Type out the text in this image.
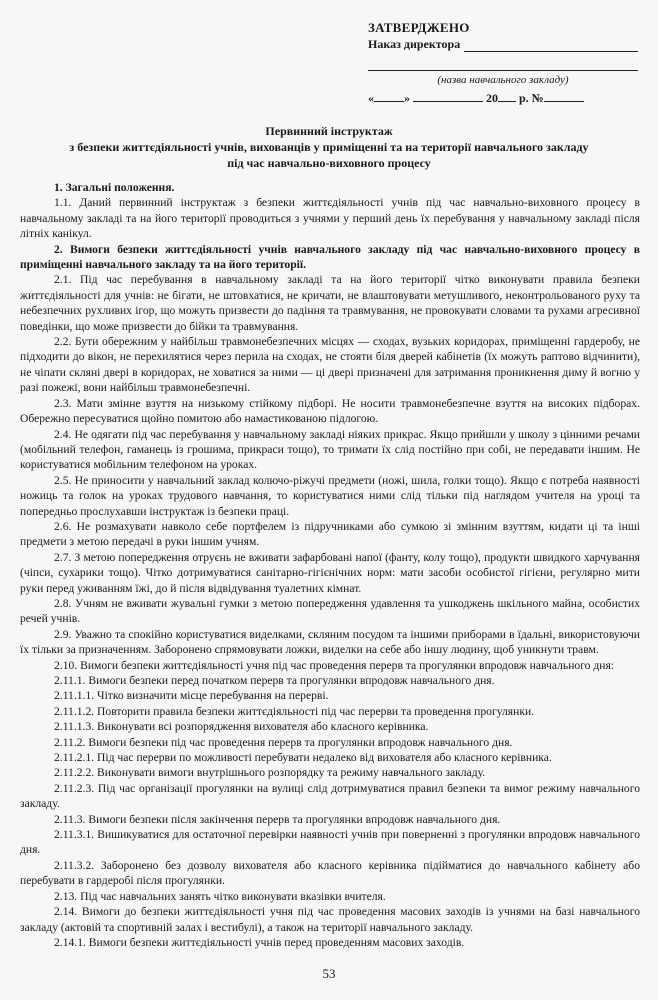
ЗАТВЕРДЖЕНО
Наказ директора
(назва навчального закладу)
«	»	20 р. №
Первинний інструктаж
з безпеки життєдіяльності учнів, вихованців у приміщенні та на території навчального закладу
під час навчально-виховного процесу

1. Загальні положення.

1.1. Даний первинний інструктаж з безпеки життєдіяльності учнів під час навчально-виховного процесу в навчальному закладі та на його території проводиться з учнями у перший день їх перебування у навчальному закладі після літніх канікул.

2. Вимоги безпеки життєдіяльності учнів навчального закладу під час навчально-виховного процесу в приміщенні навчального закладу та на його території.

2.1. Під час перебування в навчальному закладі та на його території чітко виконувати правила безпеки життєдіяльності для учнів: не бігати, не штовхатися, не кричати, не влаштовувати метушливого, неконтрольованого руху та небезпечних рухливих ігор, що можуть призвести до падіння та травмування, не провокувати словами та рухами агресивної поведінки, що може призвести до бійки та травмування.

2.2. Бути обережним у найбільш травмонебезпечних місцях — сходах, вузьких коридорах, приміщенні гардеробу, не підходити до вікон, не перехилятися через перила на сходах, не стояти біля дверей кабінетів (їх можуть раптово відчинити), не чіпати скляні двері в коридорах, не ховатися за ними — ці двері призначені для затримання проникнення диму й вогню у разі пожежі, вони найбільш травмонебезпечні.

2.3. Мати змінне взуття на низькому стійкому підборі. Не носити травмонебезпечне взуття на високих підборах. Обережно пересуватися щойно помитою або намастикованою підлогою.

2.4. Не одягати під час перебування у навчальному закладі ніяких прикрас. Якщо прийшли у школу з цінними речами (мобільний телефон, гаманець із грошима, прикраси тощо), то тримати їх слід постійно при собі, не передавати іншим. Не користуватися мобільним телефоном на уроках.

2.5. Не приносити у навчальний заклад колючо-ріжучі предмети (ножі, шила, голки тощо). Якщо є потреба наявності ножиць та голок на уроках трудового навчання, то користуватися ними слід тільки під наглядом учителя на уроці та попередньо прослухавши інструктаж із безпеки праці.

2.6. Не розмахувати навколо себе портфелем із підручниками або сумкою зі змінним взуттям, кидати ці та інші предмети з метою передачі в руки іншим учням.

2.7. З метою попередження отруєнь не вживати зафарбовані напої (фанту, колу тощо), продукти швидкого харчування (чіпси, сухарики тощо). Чітко дотримуватися санітарно-гігієнічних норм: мати засоби особистої гігієни, регулярно мити руки перед уживанням їжі, до й після відвідування туалетних кімнат.

2.8. Учням не вживати жувальні гумки з метою попередження удавлення та ушкоджень шкільного майна, особистих речей учнів.

2.9. Уважно та спокійно користуватися виделками, скляним посудом та іншими приборами в їдальні, використовуючи їх тільки за призначенням. Заборонено спрямовувати ложки, виделки на себе або іншу людину, щоб уникнути травм.

2.10. Вимоги безпеки життєдіяльності учня під час проведення перерв та прогулянки впродовж навчального дня:

2.11.1. Вимоги безпеки перед початком перерв та прогулянки впродовж навчального дня.

2.11.1.1. Чітко визначити місце перебування на перерві.

2.11.1.2. Повторити правила безпеки життєдіяльності під час перерви та проведення прогулянки.

2.11.1.3. Виконувати всі розпорядження вихователя або класного керівника.

2.11.2. Вимоги безпеки під час проведення перерв та прогулянки впродовж навчального дня.

2.11.2.1. Під час перерви по можливості перебувати недалеко від вихователя або класного керівника.

2.11.2.2. Виконувати вимоги внутрішнього розпорядку та режиму навчального закладу.

2.11.2.3. Під час організації прогулянки на вулиці слід дотримуватися правил безпеки та вимог режиму навчального закладу.

2.11.3. Вимоги безпеки після закінчення перерв та прогулянки впродовж навчального дня.

2.11.3.1. Вишикуватися для остаточної перевірки наявності учнів при поверненні з прогулянки впродовж навчального дня.

2.11.3.2. Заборонено без дозволу вихователя або класного керівника підійматися до навчального кабінету або перебувати в гардеробі після прогулянки.

2.13. Під час навчальних занять чітко виконувати вказівки вчителя.

2.14. Вимоги до безпеки життєдіяльності учня під час проведення масових заходів із учнями на базі навчального закладу (актовій та спортивній залах і вестибулі), а також на території навчального закладу.

2.14.1. Вимоги безпеки життєдіяльності учнів перед проведенням масових заходів.

53
